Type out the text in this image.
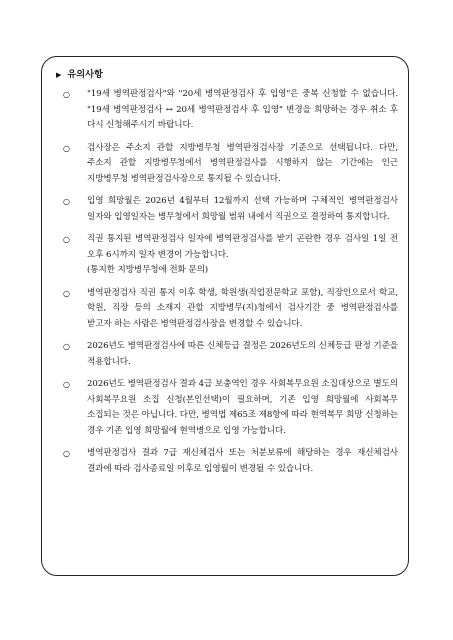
▶ 유의사항
○ "19세 병역판정검사"와 "20세 병역판정검사 후 입영"은 중복 신청할 수 없습니다. "19세 병역판정검사 ↔ 20세 병역판정검사 후 입영" 변경을 희망하는 경우 취소 후 다시 신청해주시기 바랍니다.
○ 검사장은 주소지 관할 지방병무청 병역판정검사장 기준으로 선택됩니다. 다만, 주소지 관할 지방병무청에서 병역판정검사를 시행하지 않는 기간에는 인근 지방병무청 병역판정검사장으로 통지될 수 있습니다.
○ 입영 희망월은 2026년 4월부터 12월까지 선택 가능하며 구체적인 병역판정검사 일자와 입영일자는 병무청에서 희망월 범위 내에서 직권으로 결정하여 통지합니다.
○ 직권 통지된 병역판정검사 일자에 병역판정검사를 받기 곤란한 경우 검사일 1일 전 오후 6시까지 일자 변경이 가능합니다.
(통지한 지방병무청에 전화 문의)
○ 병역판정검사 직권 통지 이후 학생, 학원생(직업전문학교 포함), 직장인으로서 학교, 학원, 직장 등의 소재지 관할 지방병무(지)청에서 검사기간 중 병역판정검사를 받고자 하는 사람은 병역판정검사장을 변경할 수 있습니다.
○ 2026년도 병역판정검사에 따른 신체등급 결정은 2026년도의 신체등급 판정 기준을 적용합니다.
○ 2026년도 병역판정검사 결과 4급 보충역인 경우 사회복무요원 소집대상으로 별도의 사회복무요원 소집 신청(본인선택)이 필요하며, 기존 입영 희망월에 사회복무 소집되는 것은 아닙니다. 다만, 병역법 제65조 제8항에 따라 현역복무 희망 신청하는 경우 기존 입영 희망월에 현역병으로 입영 가능합니다.
○ 병역판정검사 결과 7급 재신체검사 또는 처분보류에 해당하는 경우 재신체검사 결과에 따라 검사종료일 이후로 입영월이 변경될 수 있습니다.
